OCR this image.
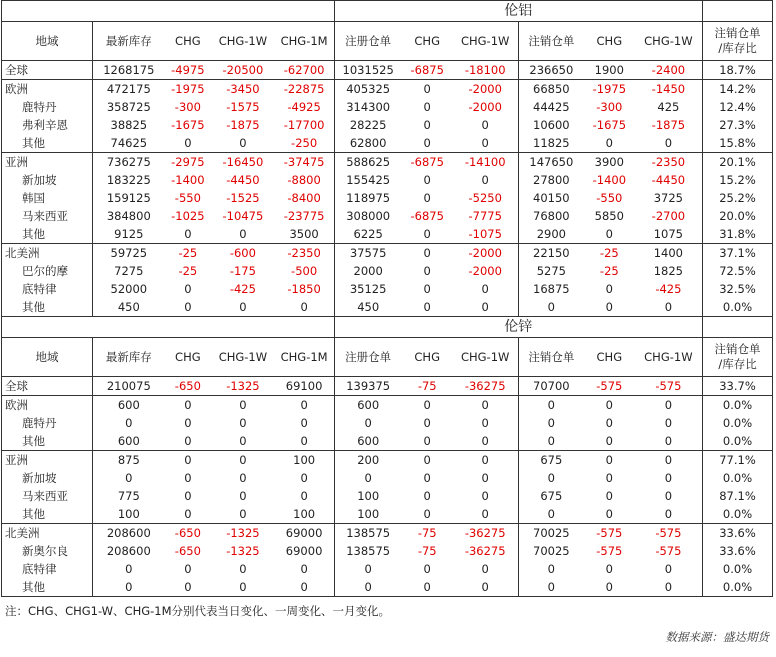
					伦铝						
地域	最新库存	CHG	CHG-1W	CHG-1M	注册仓单	CHG	CHG-1W	注销仓单	CHG	CHG-1W	注销仓单
/库存比

全球	1268175	-4975	-20500	-62700	1031525	-6875	-18100	236650	1900	-2400	18.7%
欧洲	472175	-1975	-3450	-22875	405325	0	-2000	66850	-1975	-1450	14.2%
鹿特丹	358725	-300	-1575	-4925	314300	0	-2000	44425	-300	425	12.4%
弗利辛恩	38825	-1675	-1875	-17700	28225	0	0	10600	-1675	-1875	27.3%
其他	74625	0	0	-250	62800	0	0	11825	0	0	15.8%
亚洲	736275	-2975	-16450	-37475	588625	-6875	-14100	147650	3900	-2350	20.1%
新加坡	183225	-1400	-4450	-8800	155425	0	0	27800	-1400	-4450	15.2%
韩国	159125	-550	-1525	-8400	118975	0	-5250	40150	-550	3725	25.2%
马来西亚	384800	-1025	-10475	-23775	308000	-6875	-7775	76800	5850	-2700	20.0%
其他	9125	0	0	3500	6225	0	-1075	2900	0	1075	31.8%
北美洲	59725	-25	-600	-2350	37575	0	-2000	22150	-25	1400	37.1%
巴尔的摩	7275	-25	-175	-500	2000	0	-2000	5275	-25	1825	72.5%
底特律	52000	0	-425	-1850	35125	0	0	16875	0	-425	32.5%
其他	450	0	0	0	450	0	0	0	0	0	0.0%
					伦锌						
地域	最新库存	CHG	CHG-1W	CHG-1M	注册仓单	CHG	CHG-1W	注销仓单	CHG	CHG-1W	注销仓单
/库存比

全球	210075	-650	-1325	69100	139375	-75	-36275	70700	-575	-575	33.7%
欧洲	600	0	0	0	600	0	0	0	0	0	0.0%
鹿特丹	0	0	0	0	0	0	0	0	0	0	0.0%
其他	600	0	0	0	600	0	0	0	0	0	0.0%
亚洲	875	0	0	100	200	0	0	675	0	0	77.1%
新加坡	0	0	0	0	0	0	0	0	0	0	0.0%
马来西亚	775	0	0	0	100	0	0	675	0	0	87.1%
其他	100	0	0	100	100	0	0	0	0	0	0.0%
北美洲	208600	-650	-1325	69000	138575	-75	-36275	70025	-575	-575	33.6%
新奥尔良	208600	-650	-1325	69000	138575	-75	-36275	70025	-575	-575	33.6%
底特律	0	0	0	0	0	0	0	0	0	0	0.0%
其他	0	0	0	0	0	0	0	0	0	0	0.0%
注：CHG、CHG1-W、CHG-1M分别代表当日变化、一周变化、一月变化。
数据来源：盛达期货
